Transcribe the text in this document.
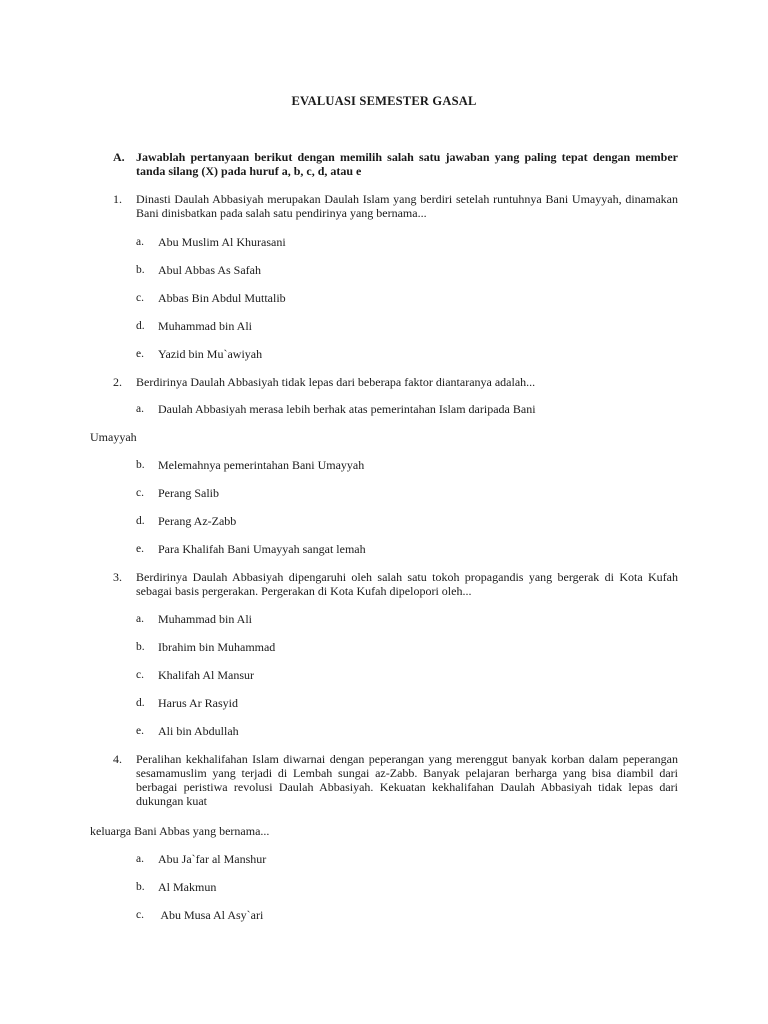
EVALUASI SEMESTER GASAL
A. Jawablah pertanyaan berikut dengan memilih salah satu jawaban yang paling tepat dengan member tanda silang (X) pada huruf a, b, c, d, atau e
1. Dinasti Daulah Abbasiyah merupakan Daulah Islam yang berdiri setelah runtuhnya Bani Umayyah, dinamakan Bani dinisbatkan pada salah satu pendirinya yang bernama...
a. Abu Muslim Al Khurasani
b. Abul Abbas As Safah
c. Abbas Bin Abdul Muttalib
d. Muhammad bin Ali
e. Yazid bin Mu`awiyah
2. Berdirinya Daulah Abbasiyah tidak lepas dari beberapa faktor diantaranya adalah...
a. Daulah Abbasiyah merasa lebih berhak atas pemerintahan Islam daripada Bani
Umayyah
b. Melemahnya pemerintahan Bani Umayyah
c. Perang Salib
d. Perang Az-Zabb
e. Para Khalifah Bani Umayyah sangat lemah
3. Berdirinya Daulah Abbasiyah dipengaruhi oleh salah satu tokoh propagandis yang bergerak di Kota Kufah sebagai basis pergerakan. Pergerakan di Kota Kufah dipelopori oleh...
a. Muhammad bin Ali
b. Ibrahim bin Muhammad
c. Khalifah Al Mansur
d. Harus Ar Rasyid
e. Ali bin Abdullah
4. Peralihan kekhalifahan Islam diwarnai dengan peperangan yang merenggut banyak korban dalam peperangan sesamamuslim yang terjadi di Lembah sungai az-Zabb. Banyak pelajaran berharga yang bisa diambil dari berbagai peristiwa revolusi Daulah Abbasiyah. Kekuatan kekhalifahan Daulah Abbasiyah tidak lepas dari dukungan kuat
keluarga Bani Abbas yang bernama...
a. Abu Ja`far al Manshur
b. Al Makmun
c. Abu Musa Al Asy`ari
